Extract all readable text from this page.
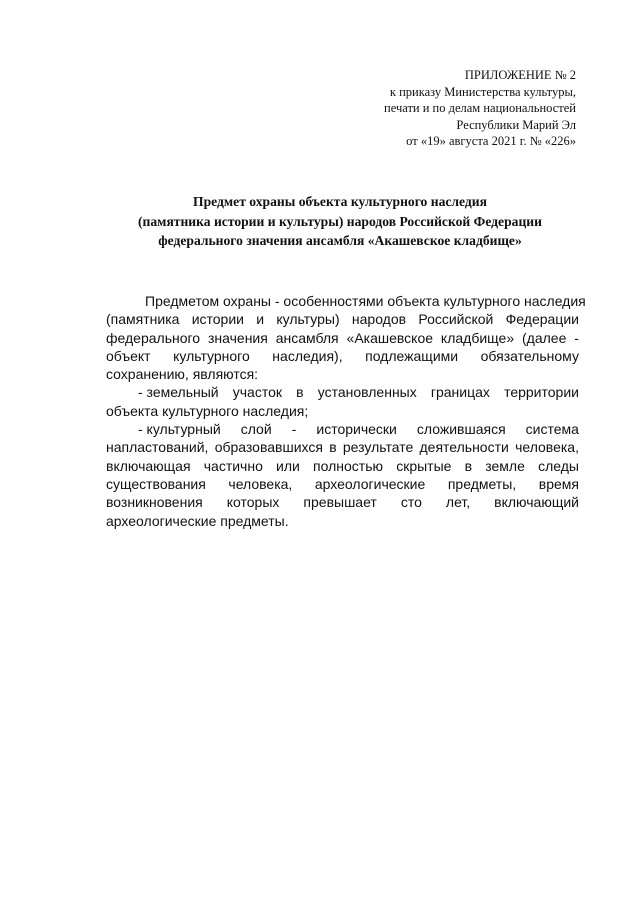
ПРИЛОЖЕНИЕ № 2
к приказу Министерства культуры,
печати и по делам национальностей
Республики Марий Эл
от «19» августа 2021 г. № «226»
Предмет охраны объекта культурного наследия
(памятника истории и культуры) народов Российской Федерации
федерального значения ансамбля «Акашевское кладбище»
Предметом охраны - особенностями объекта культурного наследия
(памятника истории и культуры) народов Российской Федерации
федерального значения ансамбля «Акашевское кладбище» (далее -
объект культурного наследия), подлежащими обязательному
сохранению, являются:
- земельный участок в установленных границах территории
объекта культурного наследия;
- культурный слой - исторически сложившаяся система
напластований, образовавшихся в результате деятельности человека,
включающая частично или полностью скрытые в земле следы
существования человека, археологические предметы, время
возникновения которых превышает сто лет, включающий
археологические предметы.
